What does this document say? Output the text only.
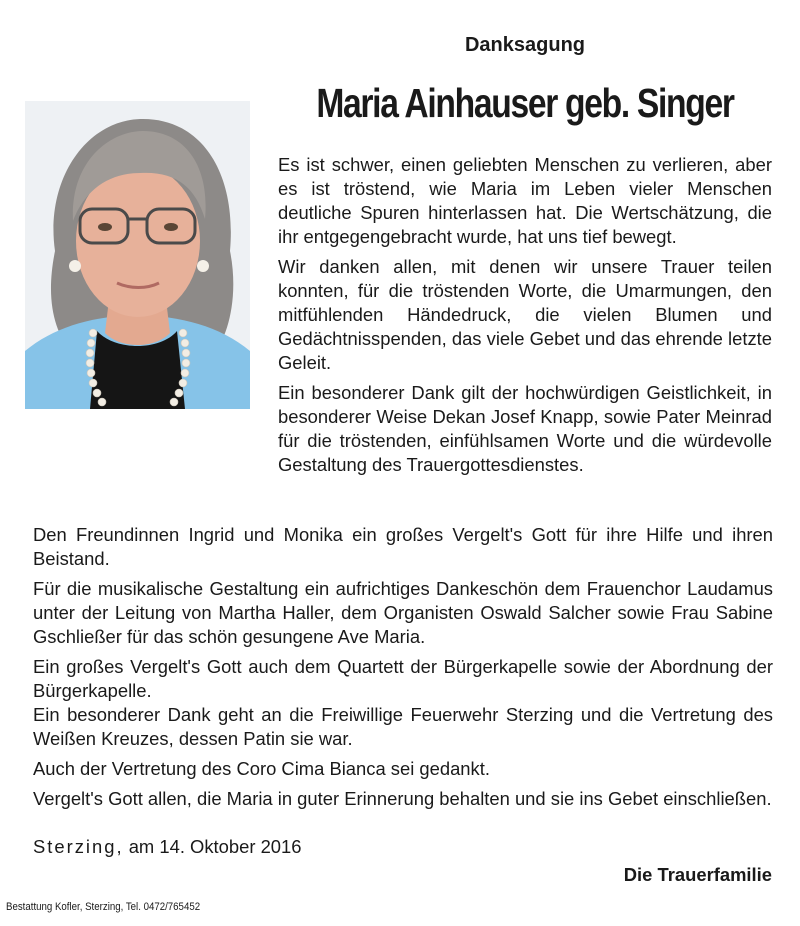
Danksagung
Maria Ainhauser geb. Singer

Es ist schwer, einen geliebten Menschen zu verlieren, aber es ist tröstend, wie Maria im Leben vieler Menschen deutliche Spuren hinterlassen hat. Die Wertschätzung, die ihr entgegengebracht wurde, hat uns tief bewegt.

Wir danken allen, mit denen wir unsere Trauer teilen konnten, für die tröstenden Worte, die Umarmungen, den mitfühlenden Händedruck, die vielen Blumen und Gedächtnisspenden, das viele Gebet und das ehrende letzte Geleit.

Ein besonderer Dank gilt der hochwürdigen Geistlichkeit, in besonderer Weise Dekan Josef Knapp, sowie Pater Meinrad für die tröstenden, einfühlsamen Worte und die würdevolle Gestaltung des Trauergottesdienstes.

Den Freundinnen Ingrid und Monika ein großes Vergelt's Gott für ihre Hilfe und ihren Beistand.

Für die musikalische Gestaltung ein aufrichtiges Dankeschön dem Frauenchor Laudamus unter der Leitung von Martha Haller, dem Organisten Oswald Salcher sowie Frau Sabine Gschließer für das schön gesungene Ave Maria.

Ein großes Vergelt's Gott auch dem Quartett der Bürgerkapelle sowie der Abordnung der Bürgerkapelle.

Ein besonderer Dank geht an die Freiwillige Feuerwehr Sterzing und die Vertretung des Weißen Kreuzes, dessen Patin sie war.

Auch der Vertretung des Coro Cima Bianca sei gedankt.

Vergelt's Gott allen, die Maria in guter Erinnerung behalten und sie ins Gebet einschließen.

Sterzing, am 14. Oktober 2016
Die Trauerfamilie
Bestattung Kofler, Sterzing, Tel. 0472/765452
